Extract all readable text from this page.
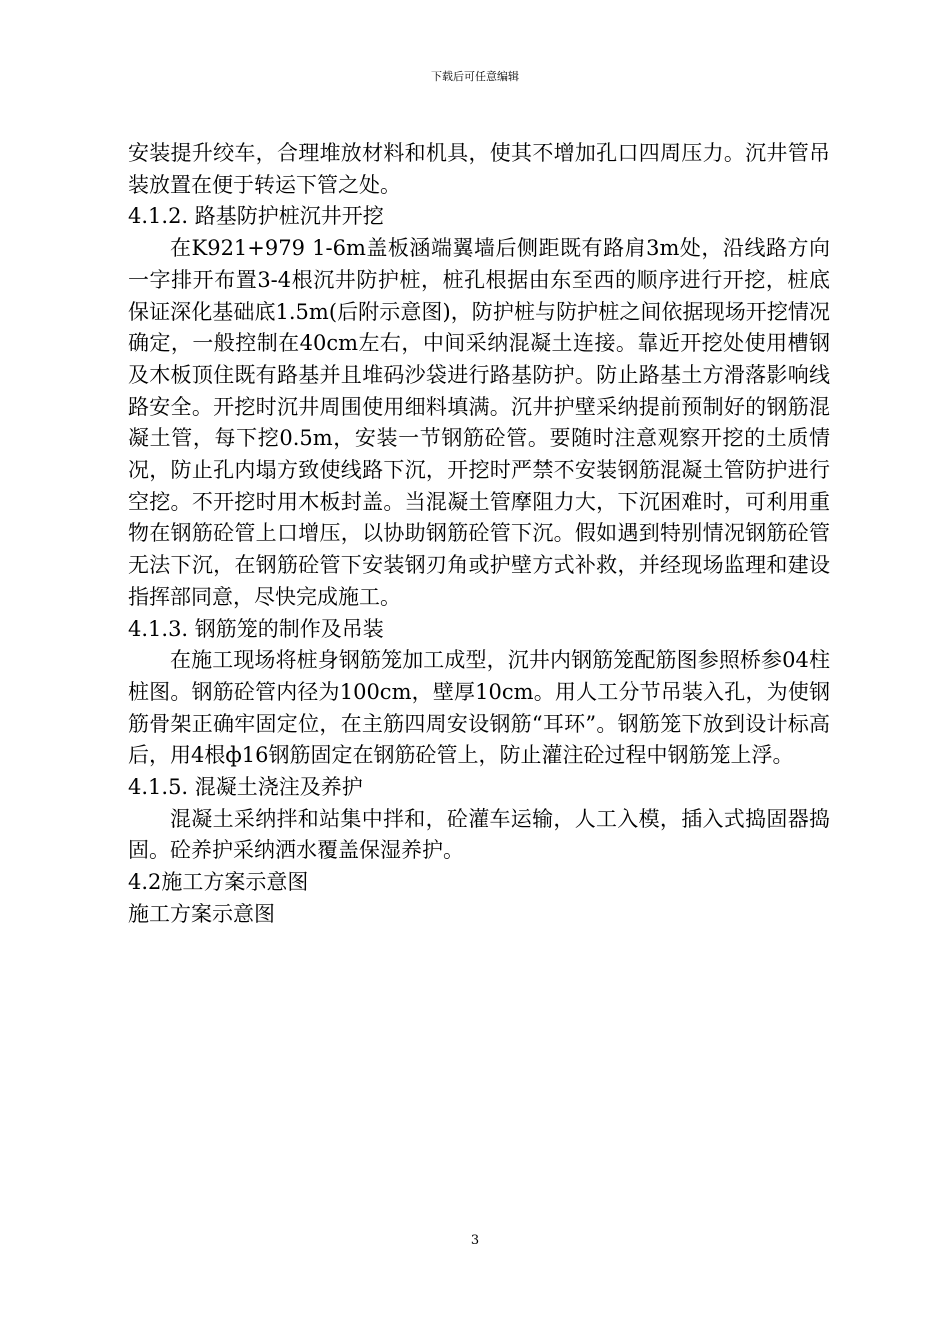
下载后可任意编辑

安装提升绞车，合理堆放材料和机具，使其不增加孔口四周压力。沉井管吊装放置在便于转运下管之处。

4.1.2. 路基防护桩沉井开挖

在K921+979 1-6m盖板涵端翼墙后侧距既有路肩3m处，沿线路方向一字排开布置3-4根沉井防护桩，桩孔根据由东至西的顺序进行开挖，桩底保证深化基础底1.5m(后附示意图)，防护桩与防护桩之间依据现场开挖情况确定，一般控制在40cm左右，中间采纳混凝土连接。靠近开挖处使用槽钢及木板顶住既有路基并且堆码沙袋进行路基防护。防止路基土方滑落影响线路安全。开挖时沉井周围使用细料填满。沉井护壁采纳提前预制好的钢筋混凝土管，每下挖0.5m，安装一节钢筋砼管。要随时注意观察开挖的土质情况，防止孔内塌方致使线路下沉，开挖时严禁不安装钢筋混凝土管防护进行空挖。不开挖时用木板封盖。当混凝土管摩阻力大，下沉困难时，可利用重物在钢筋砼管上口增压，以协助钢筋砼管下沉。假如遇到特别情况钢筋砼管无法下沉，在钢筋砼管下安装钢刃角或护壁方式补救，并经现场监理和建设指挥部同意，尽快完成施工。

4.1.3. 钢筋笼的制作及吊装

在施工现场将桩身钢筋笼加工成型，沉井内钢筋笼配筋图参照桥参04柱桩图。钢筋砼管内径为100cm，壁厚10cm。用人工分节吊装入孔，为使钢筋骨架正确牢固定位，在主筋四周安设钢筋“耳环”。钢筋笼下放到设计标高后，用4根ф16钢筋固定在钢筋砼管上，防止灌注砼过程中钢筋笼上浮。

4.1.5. 混凝土浇注及养护

混凝土采纳拌和站集中拌和，砼灌车运输，人工入模，插入式捣固器捣固。砼养护采纳洒水覆盖保湿养护。

4.2施工方案示意图

施工方案示意图

3
